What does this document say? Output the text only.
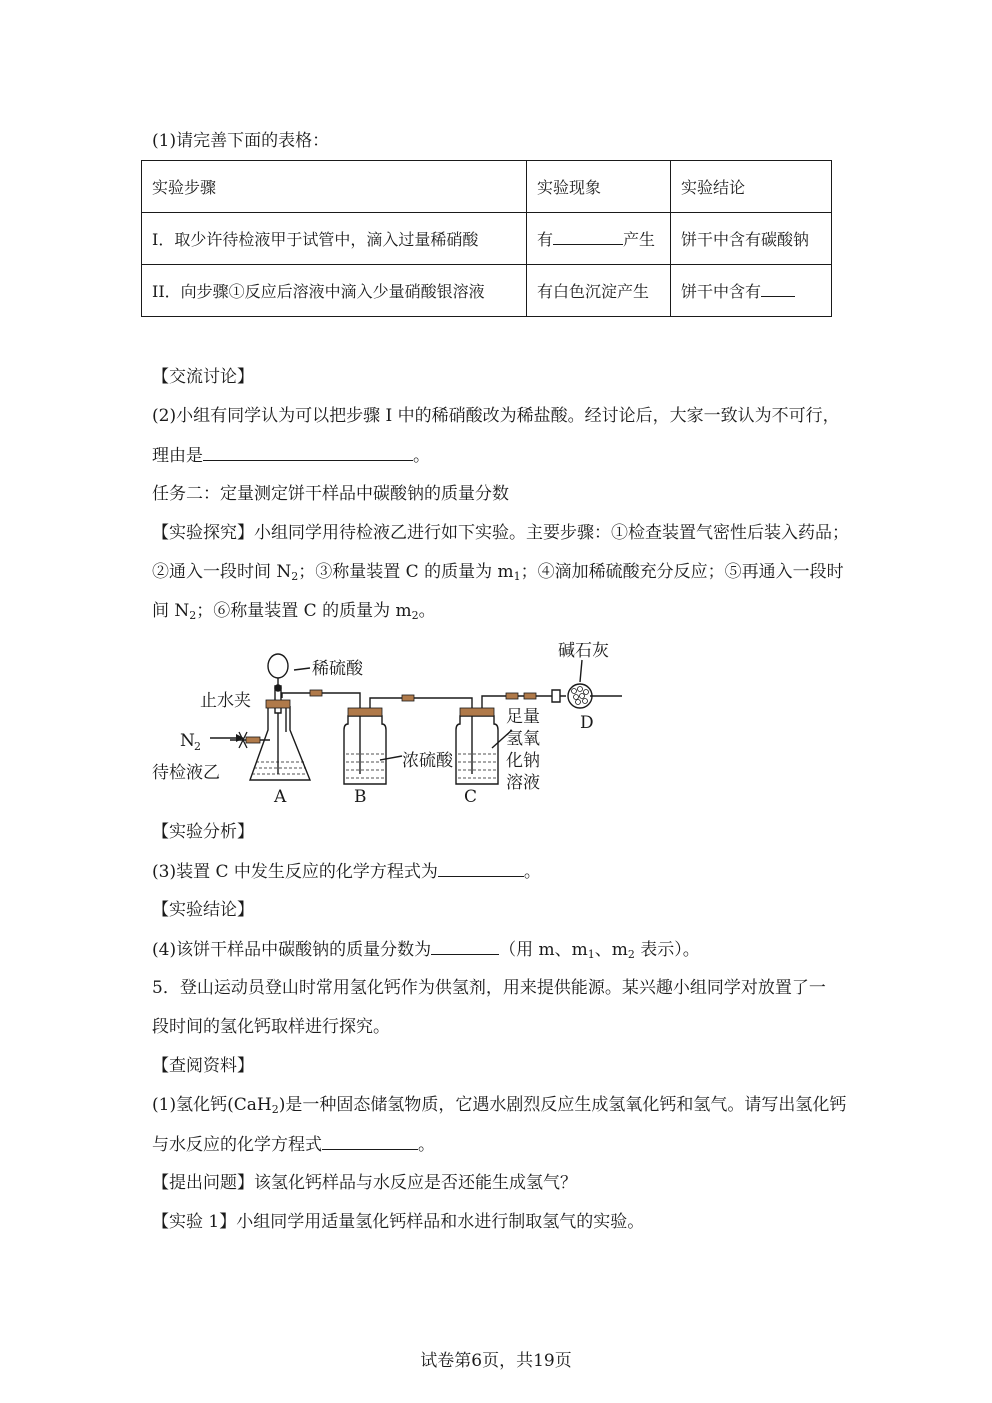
(1)请完善下面的表格：
实验步骤	实验现象	实验结论
I．取少许待检液甲于试管中，滴入过量稀硝酸	有 产生	饼干中含有碳酸钠
II．向步骤①反应后溶液中滴入少量硝酸银溶液	有白色沉淀产生	饼干中含有
【交流讨论】
(2)小组有同学认为可以把步骤 I 中的稀硝酸改为稀盐酸。经讨论后，大家一致认为不可行，
理由是	。
任务二：定量测定饼干样品中碳酸钠的质量分数
【实验探究】小组同学用待检液乙进行如下实验。主要步骤：①检查装置气密性后装入药品；
②通入一段时间 $N_2$；③称量装置 C 的质量为 $m_1$；④滴加稀硫酸充分反应；⑤再通入一段时
间 $N_2$；⑥称量装置 C 的质量为 $m_2$。
稀硫酸
止水夹
N 2
待检液乙
浓硫酸
碱石灰
足量
氢氧
化钠
溶液
A	B	C
D
【实验分析】
(3)装置 C 中发生反应的化学方程式为	。
【实验结论】
(4)该饼干样品中碳酸钠的质量分数为	（用 m、$m_1$、$m_2$ 表示）。
5．登山运动员登山时常用氢化钙作为供氢剂，用来提供能源。某兴趣小组同学对放置了一
段时间的氢化钙取样进行探究。
【查阅资料】
(1)氢化钙(CaH$_2$)是一种固态储氢物质，它遇水剧烈反应生成氢氧化钙和氢气。请写出氢化钙
与水反应的化学方程式	。
【提出问题】该氢化钙样品与水反应是否还能生成氢气？
【实验 1】小组同学用适量氢化钙样品和水进行制取氢气的实验。
试卷第6页，共19页
